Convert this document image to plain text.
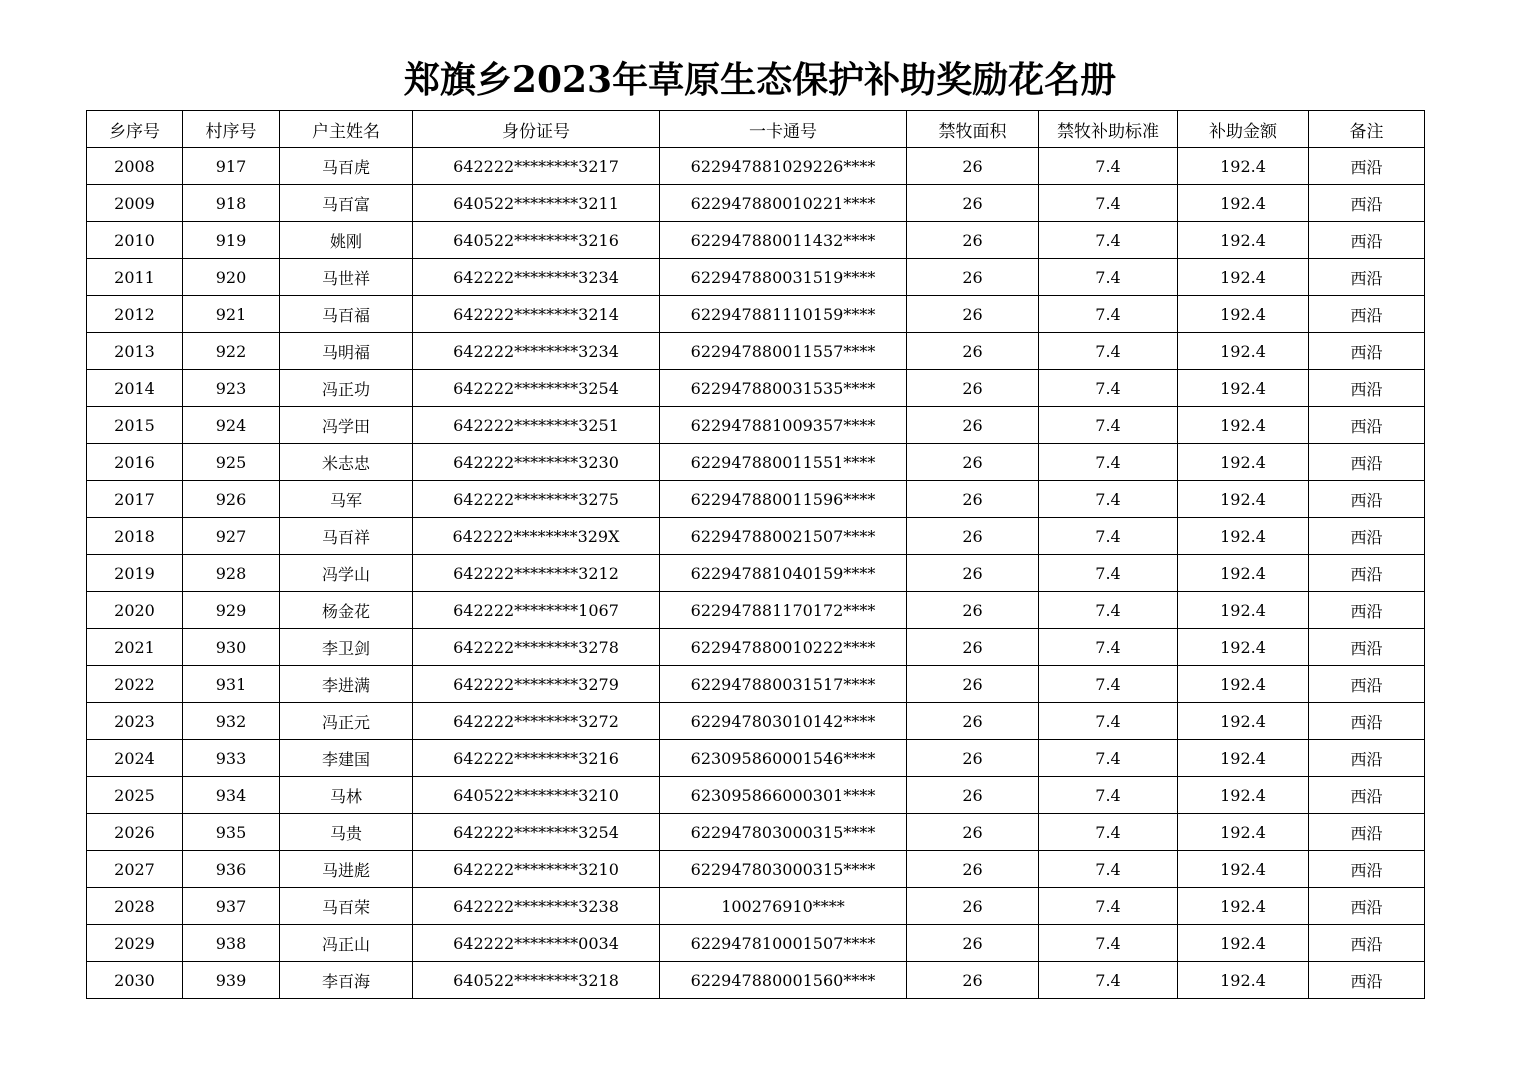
郑旗乡2023年草原生态保护补助奖励花名册
乡序号	村序号	户主姓名	身份证号	一卡通号	禁牧面积	禁牧补助标准	补助金额	备注
2008	917	马百虎	642222********3217	622947881029226****	26	7.4	192.4	西沿
2009	918	马百富	640522********3211	622947880010221****	26	7.4	192.4	西沿
2010	919	姚刚	640522********3216	622947880011432****	26	7.4	192.4	西沿
2011	920	马世祥	642222********3234	622947880031519****	26	7.4	192.4	西沿
2012	921	马百福	642222********3214	622947881110159****	26	7.4	192.4	西沿
2013	922	马明福	642222********3234	622947880011557****	26	7.4	192.4	西沿
2014	923	冯正功	642222********3254	622947880031535****	26	7.4	192.4	西沿
2015	924	冯学田	642222********3251	622947881009357****	26	7.4	192.4	西沿
2016	925	米志忠	642222********3230	622947880011551****	26	7.4	192.4	西沿
2017	926	马军	642222********3275	622947880011596****	26	7.4	192.4	西沿
2018	927	马百祥	642222********329X	622947880021507****	26	7.4	192.4	西沿
2019	928	冯学山	642222********3212	622947881040159****	26	7.4	192.4	西沿
2020	929	杨金花	642222********1067	622947881170172****	26	7.4	192.4	西沿
2021	930	李卫剑	642222********3278	622947880010222****	26	7.4	192.4	西沿
2022	931	李进满	642222********3279	622947880031517****	26	7.4	192.4	西沿
2023	932	冯正元	642222********3272	622947803010142****	26	7.4	192.4	西沿
2024	933	李建国	642222********3216	623095860001546****	26	7.4	192.4	西沿
2025	934	马林	640522********3210	623095866000301****	26	7.4	192.4	西沿
2026	935	马贵	642222********3254	622947803000315****	26	7.4	192.4	西沿
2027	936	马进彪	642222********3210	622947803000315****	26	7.4	192.4	西沿
2028	937	马百荣	642222********3238	100276910****	26	7.4	192.4	西沿
2029	938	冯正山	642222********0034	622947810001507****	26	7.4	192.4	西沿
2030	939	李百海	640522********3218	622947880001560****	26	7.4	192.4	西沿
